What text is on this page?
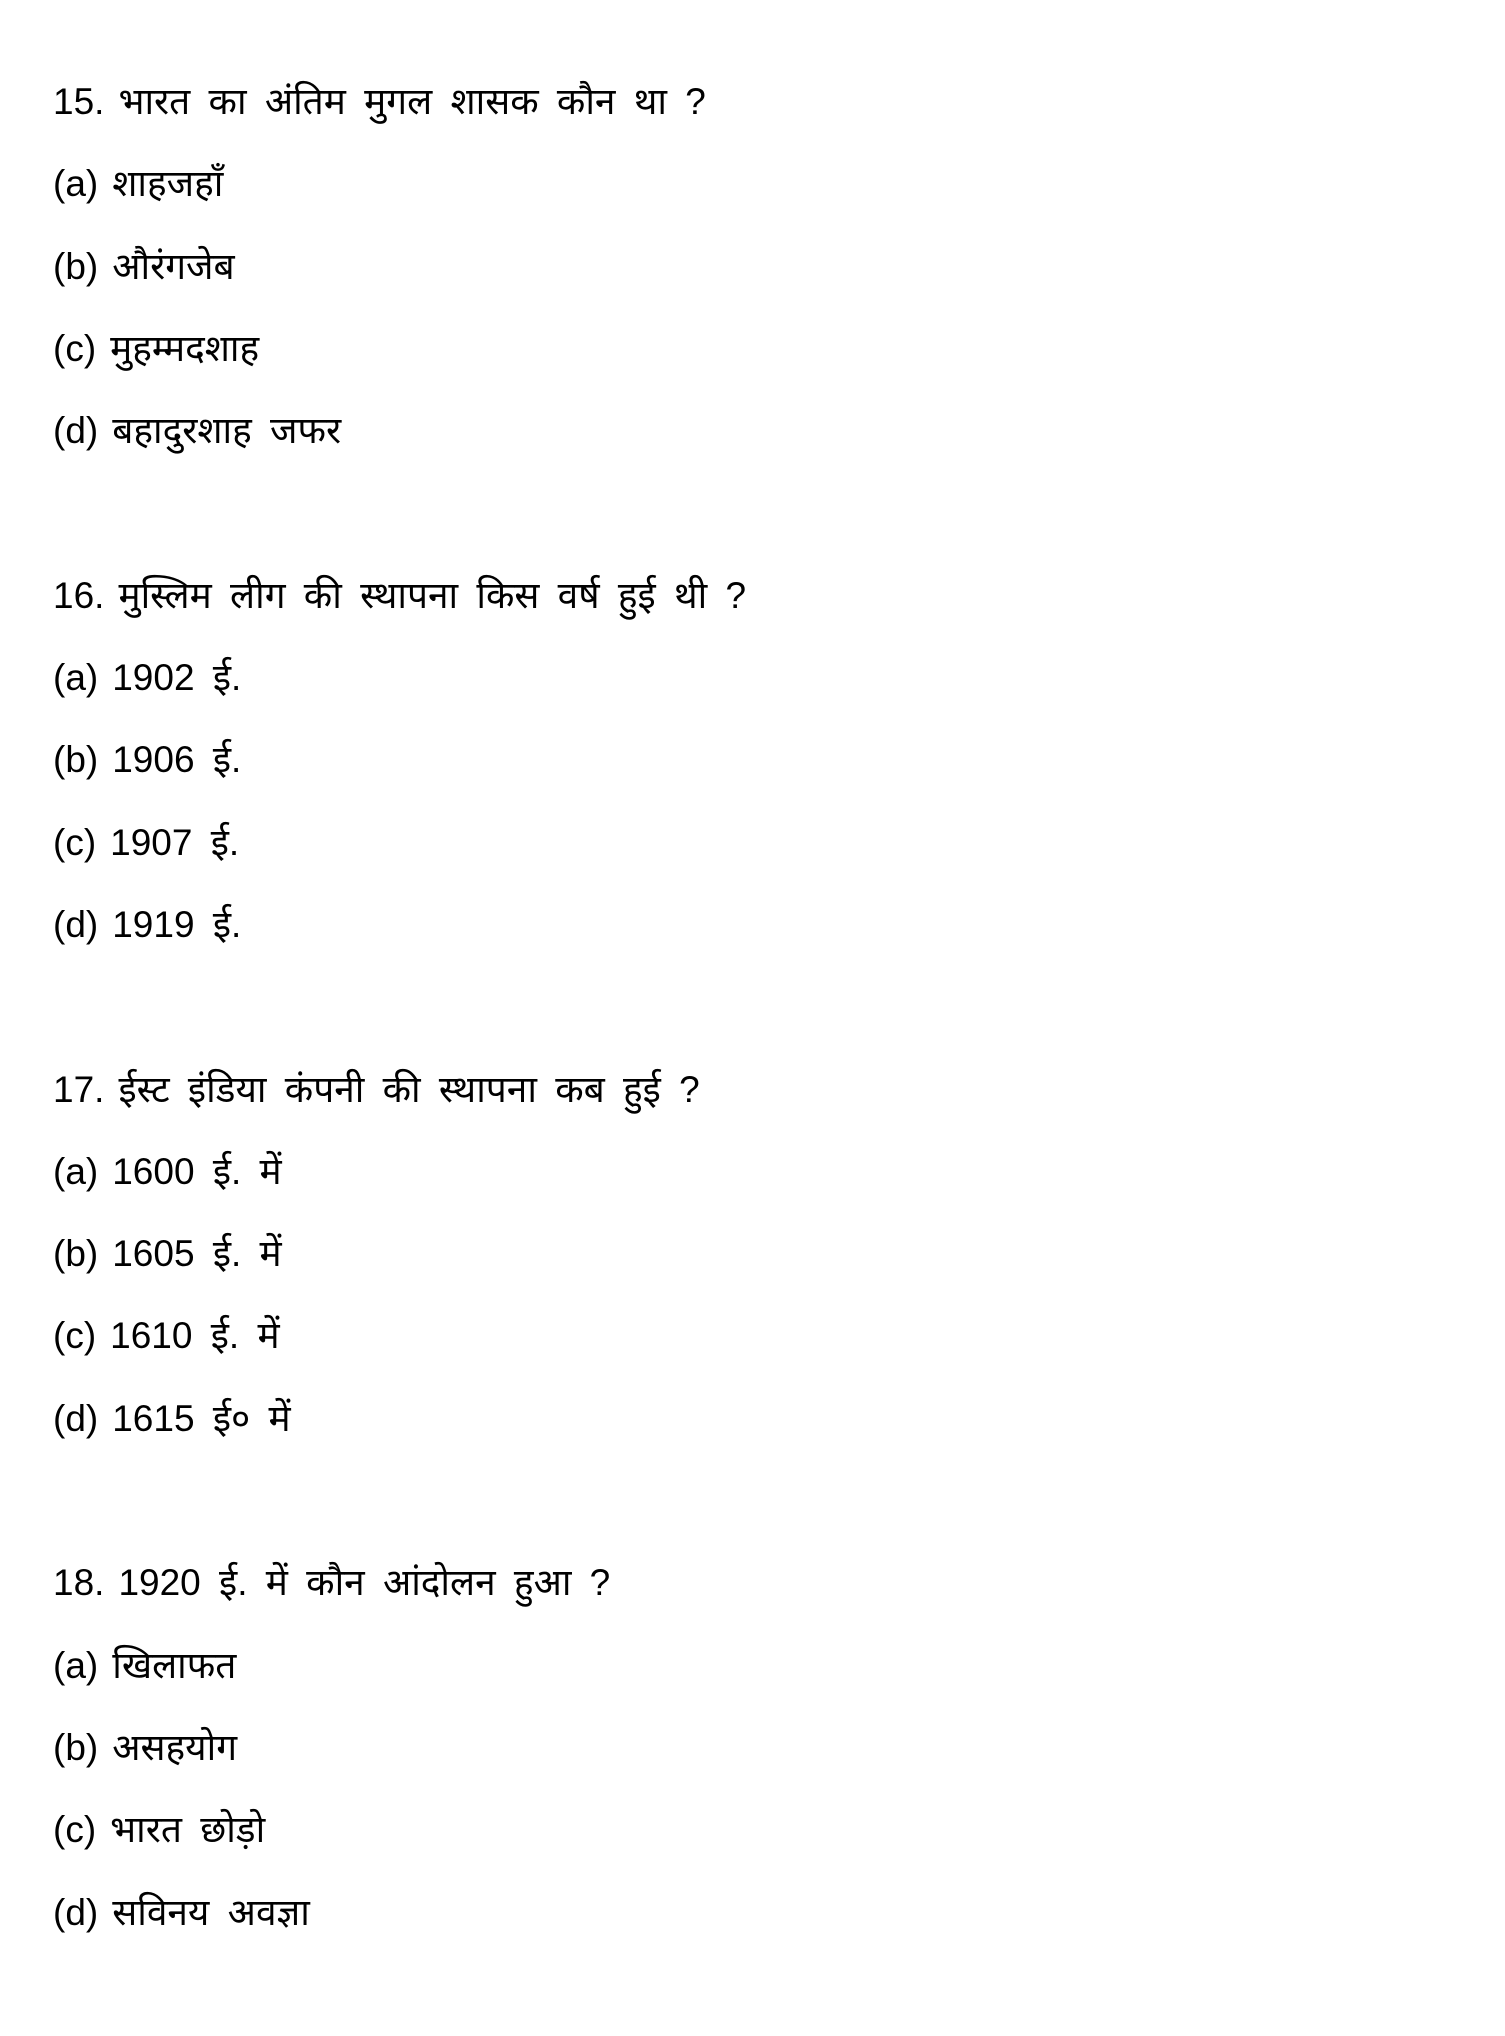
15. भारत का अंतिम मुगल शासक कौन था ?
(a) शाहजहाँ
(b) औरंगजेब
(c) मुहम्मदशाह
(d) बहादुरशाह जफर
16. मुस्लिम लीग की स्थापना किस वर्ष हुई थी ?
(a) 1902 ई.
(b) 1906 ई.
(c) 1907 ई.
(d) 1919 ई.
17. ईस्ट इंडिया कंपनी की स्थापना कब हुई ?
(a) 1600 ई. में
(b) 1605 ई. में
(c) 1610 ई. में
(d) 1615 ई० में
18. 1920 ई. में कौन आंदोलन हुआ ?
(a) खिलाफत
(b) असहयोग
(c) भारत छोड़ो
(d) सविनय अवज्ञा
